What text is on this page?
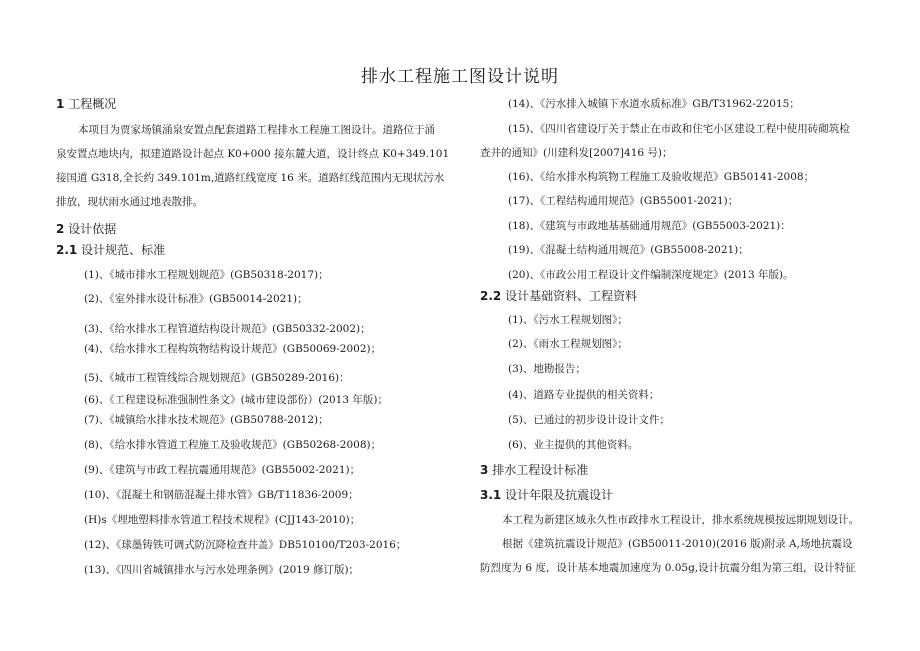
排水工程施工图设计说明
1 工程概况
本项目为贾家场镇涌泉安置点配套道路工程排水工程施工图设计。道路位于涌
泉安置点地块内，拟建道路设计起点 K0+000 接东麓大道，设计终点 K0+349.101
接国道 G318,全长约 349.101m,道路红线宽度 16 米。道路红线范围内无现状污水
排放，现状雨水通过地表散排。
2 设计依据
2.1 设计规范、标准
(1)、《城市排水工程规划规范》(GB50318-2017)；
(2)、《室外排水设计标准》(GB50014-2021)；
(3)、《给水排水工程管道结构设计规范》(GB50332-2002)；
(4)、《给水排水工程构筑物结构设计规范》(GB50069-2002)；
(5)、《城市工程管线综合规划规范》(GB50289-2016)：
(6)、《工程建设标准强制性条文》(城市建设部份）(2013 年版)；
(7)、《城镇给水排水技术规范》(GB50788-2012)；
(8)、《给水排水管道工程施工及验收规范》(GB50268-2008)；
(9)、《建筑与市政工程抗震通用规范》(GB55002-2021)；
(10)、《混凝土和钢筋混凝土排水管》GB/T11836-2009；
(H)s《埋地塑料排水管道工程技术规程》(CJJ143-2010)；
(12)、《球墨铸铁可调式防沉降检查井盖》DB510100/T203-2016；
(13)、《四川省城镇排水与污水处理条例》(2019 修订版)；
(14)、《污水排入城镇下水道水质标准》GB/T31962-22015；
(15)、《四川省建设厅关于禁止在市政和住宅小区建设工程中使用砖砌筑检
查井的通知》(川建科发[2007]416 号)；
(16)、《给水排水构筑物工程施工及验收规范》GB50141-2008；
(17)、《工程结构通用规范》(GB55001-2021)；
(18)、《建筑与市政地基基础通用规范》(GB55003-2021)：
(19)、《混凝土结构通用规范》(GB55008-2021)；
(20)、《市政公用工程设计文件编制深度规定》(2013 年版)。
2.2 设计基础资料、工程资料
(1)、《污水工程规划图》；
(2)、《雨水工程规划图》；
(3)、地勘报告；
(4)、道路专业提供的相关资料；
(5)、已通过的初步设计设计文件；
(6)、业主提供的其他资料。
3 排水工程设计标准
3.1 设计年限及抗震设计
本工程为新建区域永久性市政排水工程设计，排水系统规模按远期规划设计。
根据《建筑抗震设计规范》(GB50011-2010)(2016 版)附录 A,场地抗震设
防烈度为 6 度，设计基本地震加速度为 0.05g,设计抗震分组为第三组，设计特征
